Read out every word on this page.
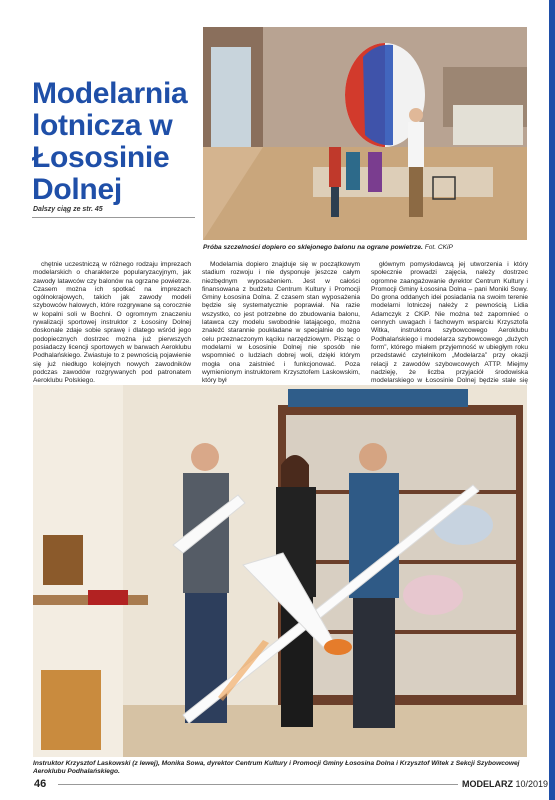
Modelarnia lotnicza w Łososinie Dolnej
Dalszy ciąg ze str. 45
Próba szczelności dopiero co sklejonego balonu na ograne powietrze. Fot. CKiP

chętnie uczestniczą w różnego rodzaju imprezach modelarskich o charakterze popularyzacyjnym, jak zawody latawców czy balonów na ogrzane powietrze. Czasem można ich spotkać na imprezach ogólnokrajowych, takich jak zawody modeli szybowców halowych, które rozgrywane są corocznie w kopalni soli w Bochni. O ogromnym znaczeniu rywalizacji sportowej instruktor z Łososiny Dolnej doskonale zdaje sobie sprawę i dlatego wśród jego podopiecznych dostrzec można już pierwszych posiadaczy licencji sportowych w barwach Aeroklubu Podhalańskiego. Zwiastuje to z pewnością pojawienie się już niedługo kolejnych nowych zawodników podczas zawodów rozgrywanych pod patronatem Aeroklubu Polskiego.

Modelarnia dopiero znajduje się w początkowym stadium rozwoju i nie dysponuje jeszcze całym niezbędnym wyposażeniem. Jest w całości finansowana z budżetu Centrum Kultury i Promocji Gminy Łososina Dolna. Z czasem stan wyposażenia będzie się systematycznie poprawiał. Na razie wszystko, co jest potrzebne do zbudowania balonu, latawca czy modelu swobodnie latającego, można znaleźć starannie poukładane w specjalnie do tego celu przeznaczonym kąciku narzędziowym. Pisząc o modelarni w Łososinie Dolnej nie sposób nie wspomnieć o ludziach dobrej woli, dzięki którym mogła ona zaistnieć i funkcjonować. Poza wymienionym instruktorem Krzysztofem Laskowskim, który był

głównym pomysłodawcą jej utworzenia i który społecznie prowadzi zajęcia, należy dostrzec ogromne zaangażowanie dyrektor Centrum Kultury i Promocji Gminy Łososina Dolna – pani Moniki Sowy. Do grona oddanych idei posiadania na swoim terenie modelarni lotniczej należy z pewnością Lidia Adamczyk z CKiP. Nie można też zapomnieć o cennych uwagach i fachowym wsparciu Krzysztofa Witka, instruktora szybowcowego Aeroklubu Podhalańskiego i modelarza szybowcowego „dużych form”, którego miałem przyjemność w ubiegłym roku przedstawić czytelnikom „Modelarza” przy okazji relacji z zawodów szybowcowych ATTP. Miejmy nadzieję, że liczba przyjaciół środowiska modelarskiego w Łososinie Dolnej będzie stale się

Instruktor Krzysztof Laskowski (z lewej), Monika Sowa, dyrektor Centrum Kultury i Promocji Gminy Łososina Dolna i Krzysztof Witek z Sekcji Szybowcowej Aeroklubu Podhalańskiego.
46	MODELARZ 10/2019
